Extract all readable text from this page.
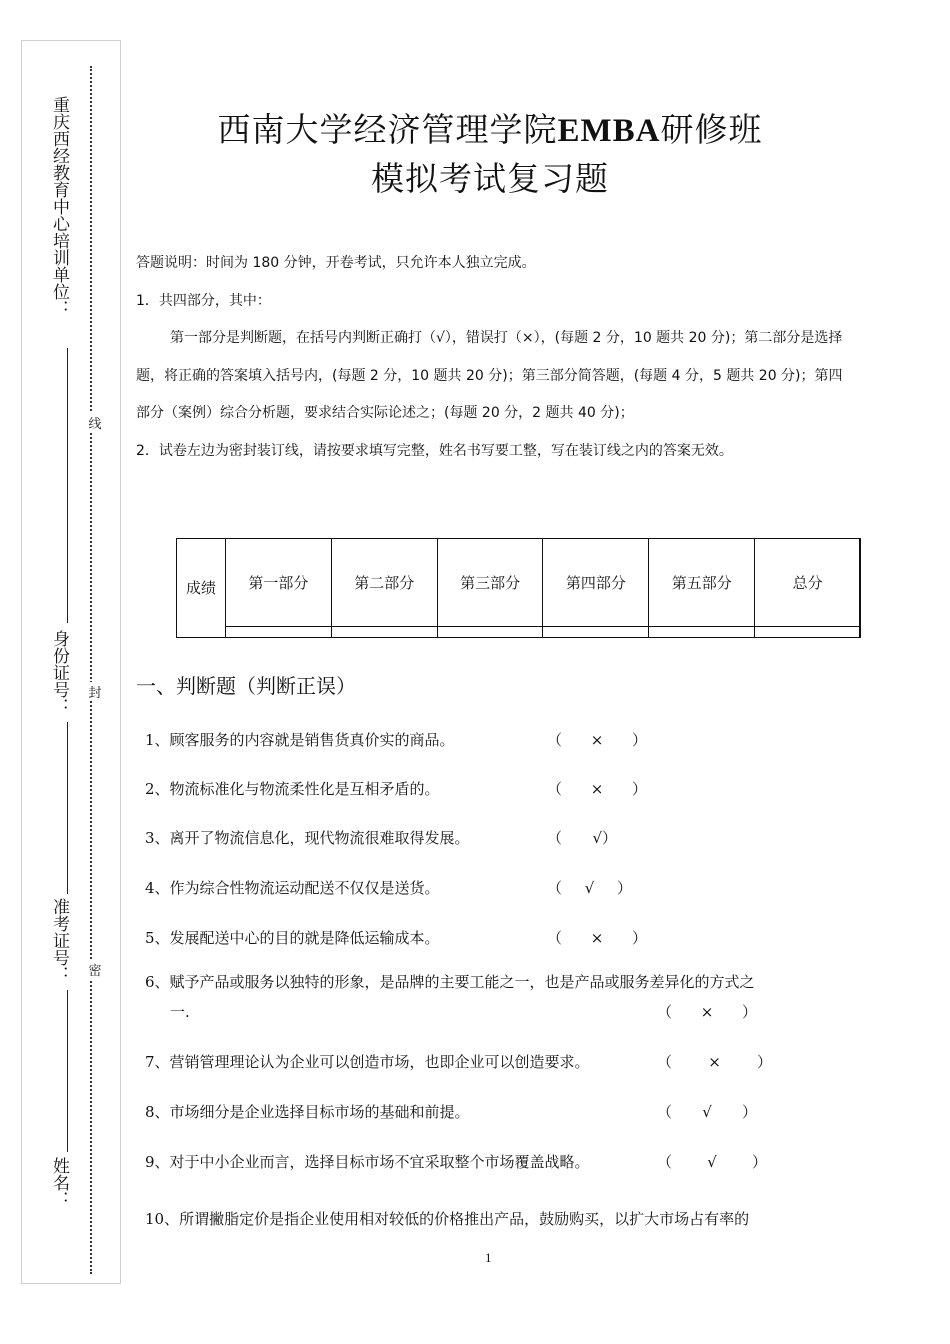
重庆西经教育中心培训单位：
身份证号：
准考证号：
姓名：
线
封
密
西南大学经济管理学院EMBA研修班
模拟考试复习题

答题说明：时间为 180 分钟，开卷考试，只允许本人独立完成。

1．共四部分，其中：

第一部分是判断题，在括号内判断正确打（√），错误打（×），(每题 2 分，10 题共 20 分)；第二部分是选择题，将正确的答案填入括号内，(每题 2 分，10 题共 20 分)；第三部分简答题，(每题 4 分，5 题共 20 分)；第四部分（案例）综合分析题，要求结合实际论述之；(每题 20 分，2 题共 40 分)；

2．试卷左边为密封装订线，请按要求填写完整，姓名书写要工整，写在装订线之内的答案无效。

成绩	第一部分	第二部分	第三部分	第四部分	第五部分	总分

一、判断题（判断正误）
1、顾客服务的内容就是销售货真价实的商品。	（ × ）
2、物流标准化与物流柔性化是互相矛盾的。	（ × ）
3、离开了物流信息化，现代物流很难取得发展。	（ √）
4、作为综合性物流运动配送不仅仅是送货。	（ √ ）
5、发展配送中心的目的就是降低运输成本。	（ × ）
6、赋予产品或服务以独特的形象，是品牌的主要工能之一，也是产品或服务差异化的方式之
一.	（ × ）
7、营销管理理论认为企业可以创造市场，也即企业可以创造要求。	（ × ）
8、市场细分是企业选择目标市场的基础和前提。	（ √ ）
9、对于中小企业而言，选择目标市场不宜采取整个市场覆盖战略。	（ √ ）
10、所谓撇脂定价是指企业使用相对较低的价格推出产品，鼓励购买，以扩大市场占有率的
1
